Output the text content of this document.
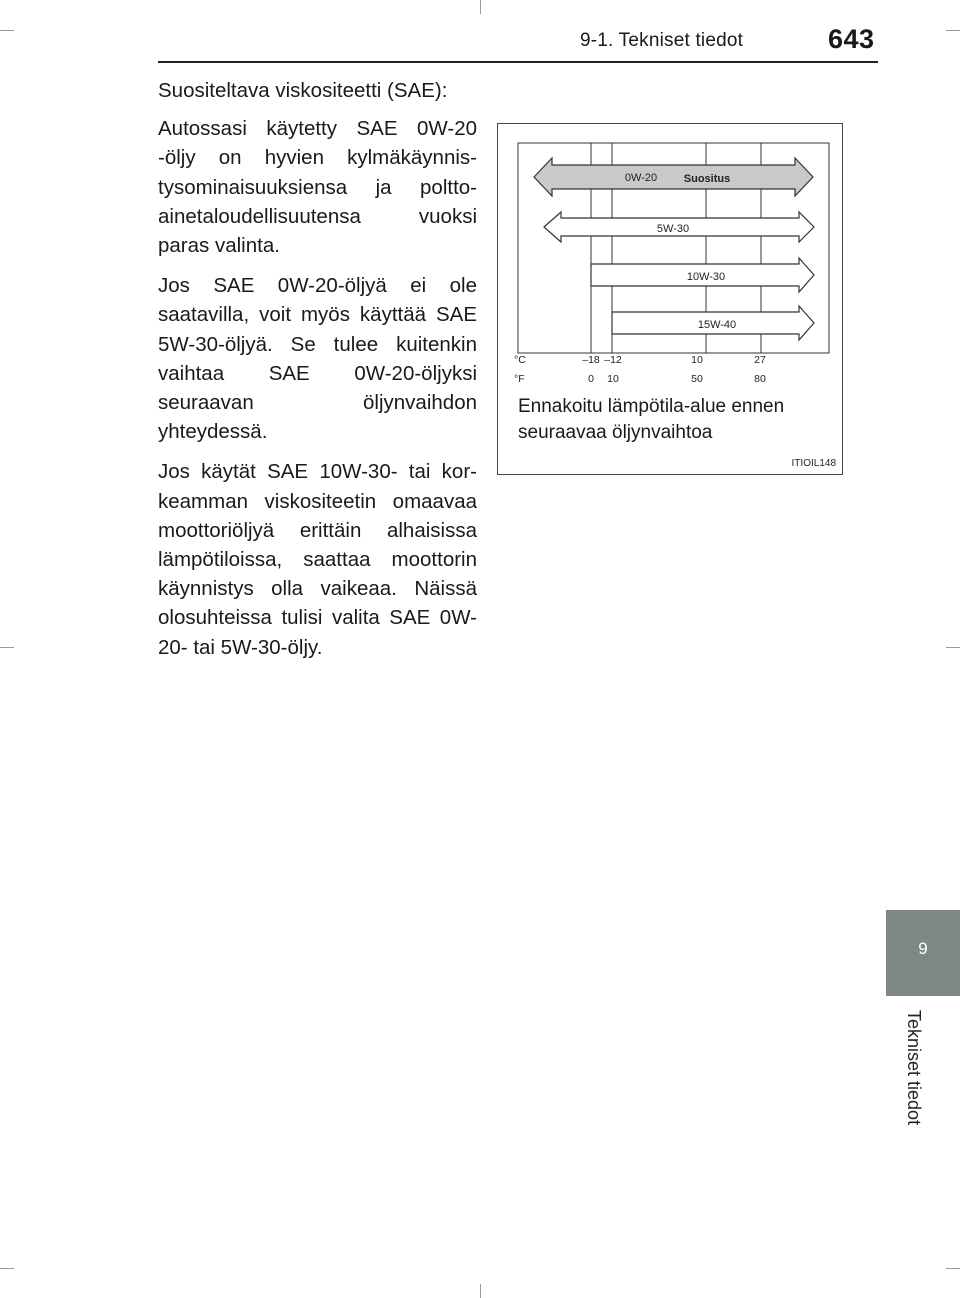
9-1. Tekniset tiedot	643
9
Tekniset tiedot

Suositeltava viskositeetti (SAE):

Autossasi käytetty SAE 0W-20 -öljy on hyvien kylmäkäynnistysominaisuuksiensa ja polttoainetaloudellisuutensa vuoksi paras valinta.

Jos SAE 0W-20-öljyä ei ole saatavilla, voit myös käyttää SAE 5W-30-öljyä. Se tulee kuitenkin vaihtaa SAE 0W-20-öljyksi seuraavan öljynvaihdon yhteydessä.

Jos käytät SAE 10W-30- tai korkeamman viskositeetin omaavaa moottoriöljyä erittäin alhaisissa lämpötiloissa, saattaa moottorin käynnistys olla vaikeaa. Näissä olosuhteissa tulisi valita SAE 0W-20- tai 5W-30-öljy.

0W-20 Suositus
5W-30
10W-30
15W-40
°C
°F
–18 –12	10	27
0 10	50	80
Ennakoitu lämpötila-alue ennen seuraavaa öljynvaihtoa
ITIOIL148
